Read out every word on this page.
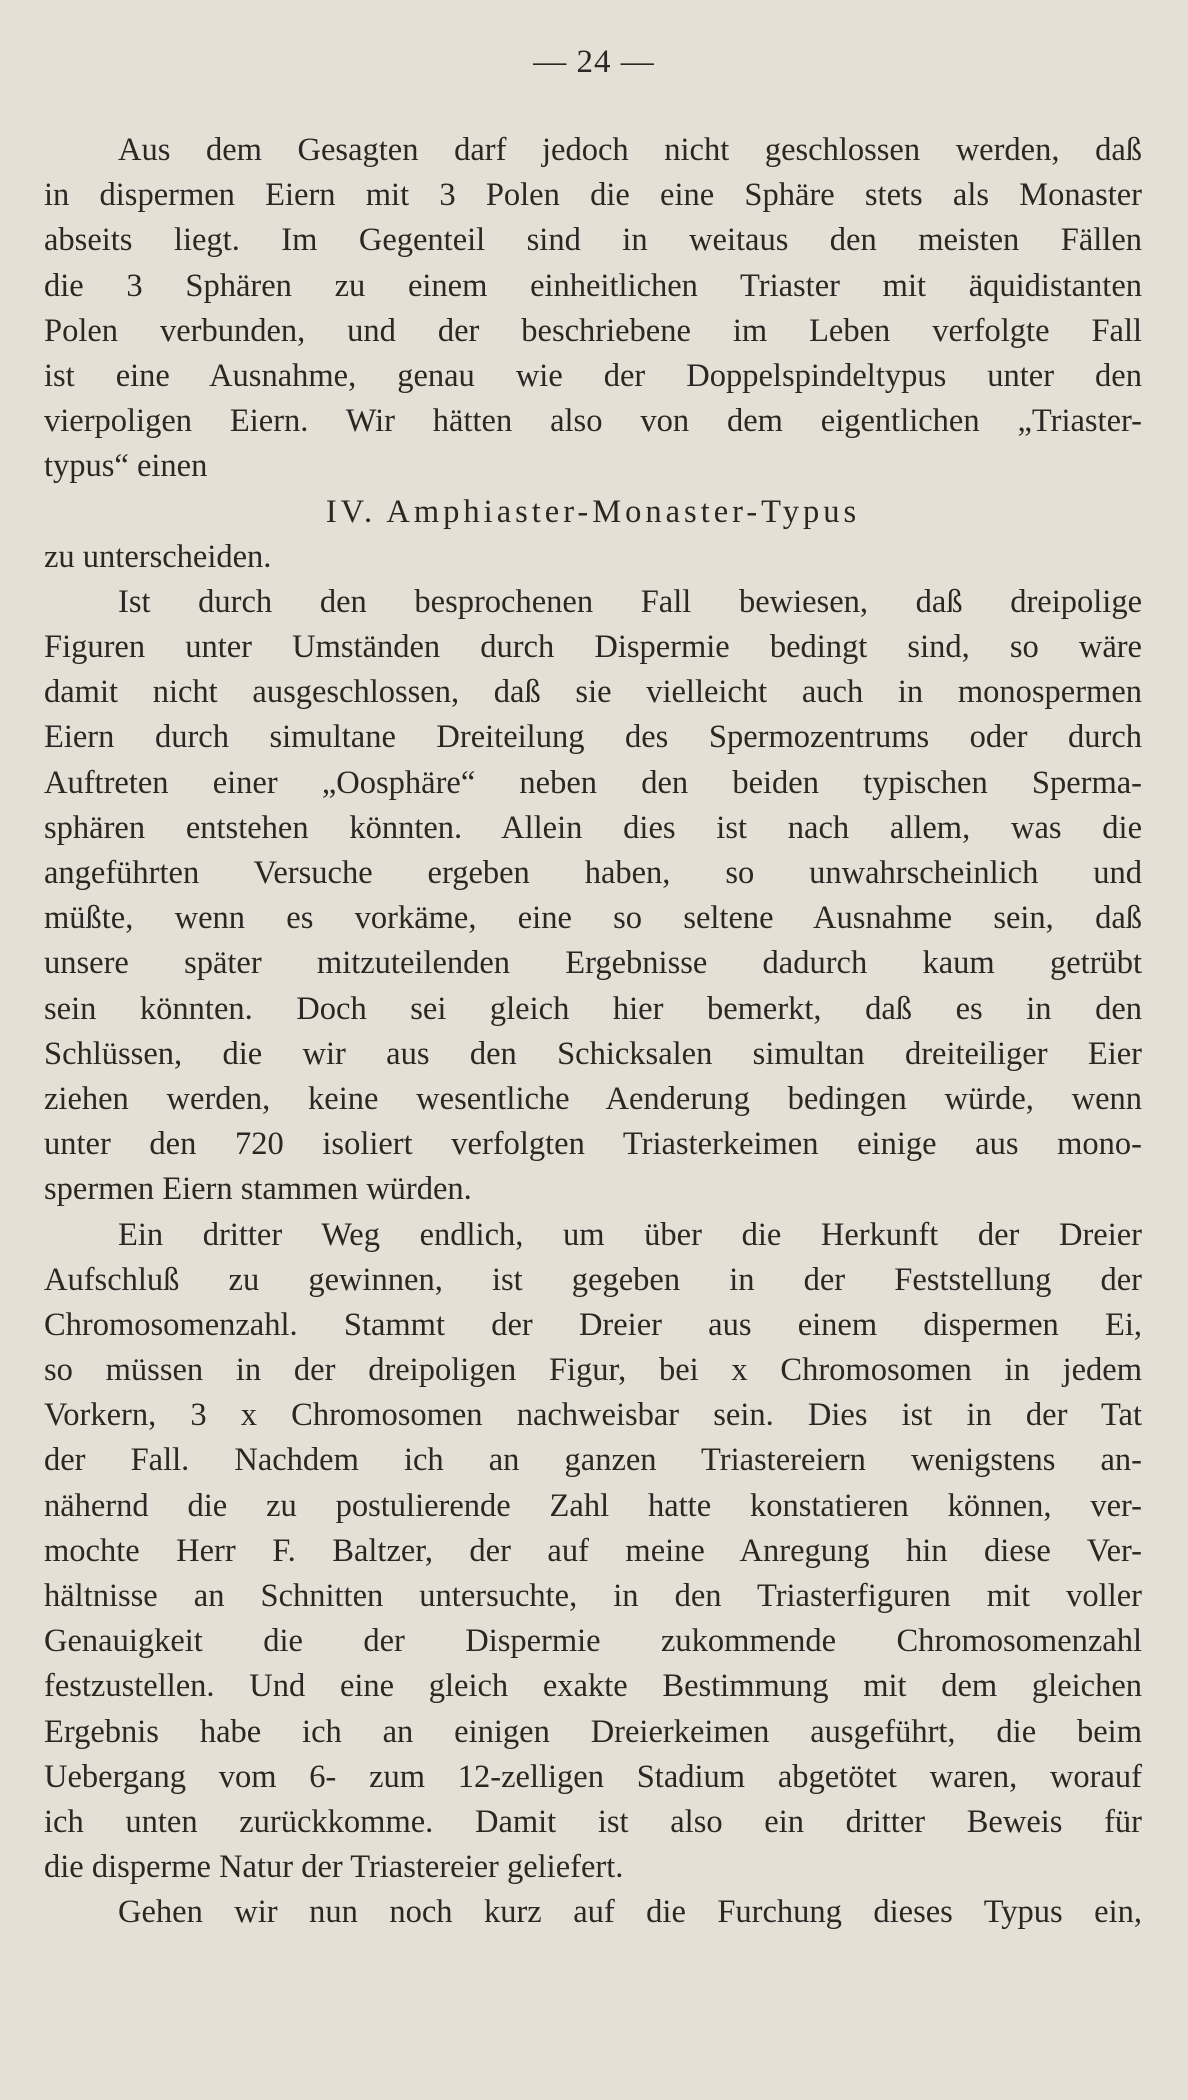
— 24 —
Aus dem Gesagten darf jedoch nicht geschlossen werden, daß
in dispermen Eiern mit 3 Polen die eine Sphäre stets als Monaster
abseits liegt. Im Gegenteil sind in weitaus den meisten Fällen
die 3 Sphären zu einem einheitlichen Triaster mit äquidistanten
Polen verbunden, und der beschriebene im Leben verfolgte Fall
ist eine Ausnahme, genau wie der Doppelspindeltypus unter den
vierpoligen Eiern. Wir hätten also von dem eigentlichen „Triaster-
typus“ einen
IV. Amphiaster-Monaster-Typus
zu unterscheiden.
Ist durch den besprochenen Fall bewiesen, daß dreipolige
Figuren unter Umständen durch Dispermie bedingt sind, so wäre
damit nicht ausgeschlossen, daß sie vielleicht auch in monospermen
Eiern durch simultane Dreiteilung des Spermozentrums oder durch
Auftreten einer „Oosphäre“ neben den beiden typischen Sperma-
sphären entstehen könnten. Allein dies ist nach allem, was die
angeführten Versuche ergeben haben, so unwahrscheinlich und
müßte, wenn es vorkäme, eine so seltene Ausnahme sein, daß
unsere später mitzuteilenden Ergebnisse dadurch kaum getrübt
sein könnten. Doch sei gleich hier bemerkt, daß es in den
Schlüssen, die wir aus den Schicksalen simultan dreiteiliger Eier
ziehen werden, keine wesentliche Aenderung bedingen würde, wenn
unter den 720 isoliert verfolgten Triasterkeimen einige aus mono-
spermen Eiern stammen würden.
Ein dritter Weg endlich, um über die Herkunft der Dreier
Aufschluß zu gewinnen, ist gegeben in der Feststellung der
Chromosomenzahl. Stammt der Dreier aus einem dispermen Ei,
so müssen in der dreipoligen Figur, bei x Chromosomen in jedem
Vorkern, 3 x Chromosomen nachweisbar sein. Dies ist in der Tat
der Fall. Nachdem ich an ganzen Triastereiern wenigstens an-
nähernd die zu postulierende Zahl hatte konstatieren können, ver-
mochte Herr F. Baltzer, der auf meine Anregung hin diese Ver-
hältnisse an Schnitten untersuchte, in den Triasterfiguren mit voller
Genauigkeit die der Dispermie zukommende Chromosomenzahl
festzustellen. Und eine gleich exakte Bestimmung mit dem gleichen
Ergebnis habe ich an einigen Dreierkeimen ausgeführt, die beim
Uebergang vom 6- zum 12-zelligen Stadium abgetötet waren, worauf
ich unten zurückkomme. Damit ist also ein dritter Beweis für
die disperme Natur der Triastereier geliefert.
Gehen wir nun noch kurz auf die Furchung dieses Typus ein,
